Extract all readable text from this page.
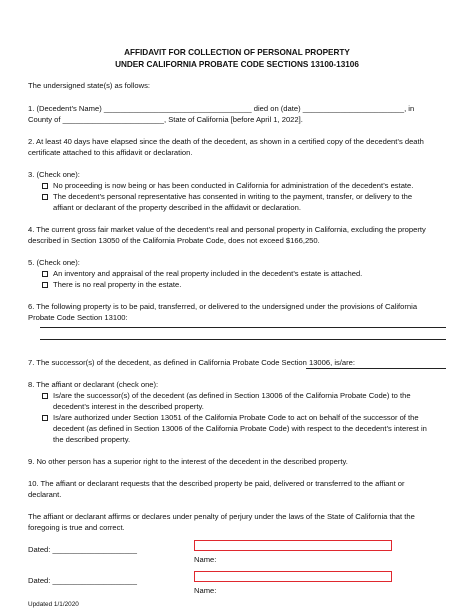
AFFIDAVIT FOR COLLECTION OF PERSONAL PROPERTY
UNDER CALIFORNIA PROBATE CODE SECTIONS 13100-13106
The undersigned state(s) as follows:
1. (Decedent’s Name) ___________________________________ died on (date) ________________________, in
County of ________________________, State of California [before April 1, 2022].
2. At least 40 days have elapsed since the death of the decedent, as shown in a certified copy of the decedent’s death
certificate attached to this affidavit or declaration.
3. (Check one):
No proceeding is now being or has been conducted in California for administration of the decedent’s estate.
The decedent’s personal representative has consented in writing to the payment, transfer, or delivery to the
affiant or declarant of the property described in the affidavit or declaration.
4. The current gross fair market value of the decedent’s real and personal property in California, excluding the property
described in Section 13050 of the California Probate Code, does not exceed $166,250.
5. (Check one):
An inventory and appraisal of the real property included in the decedent’s estate is attached.
There is no real property in the estate.
6. The following property is to be paid, transferred, or delivered to the undersigned under the provisions of California
Probate Code Section 13100:
7. The successor(s) of the decedent, as defined in California Probate Code Section 13006, is/are:
8. The affiant or declarant (check one):
Is/are the successor(s) of the decedent (as defined in Section 13006 of the California Probate Code) to the
decedent’s interest in the described property.
Is/are authorized under Section 13051 of the California Probate Code to act on behalf of the successor of the
decedent (as defined in Section 13006 of the California Probate Code) with respect to the decedent’s interest in
the described property.
9. No other person has a superior right to the interest of the decedent in the described property.
10. The affiant or declarant requests that the described property be paid, delivered or transferred to the affiant or
declarant.
The affiant or declarant affirms or declares under penalty of perjury under the laws of the State of California that the
foregoing is true and correct.
Dated: ____________________
Name:
Dated: ____________________
Name:
Updated 1/1/2020
